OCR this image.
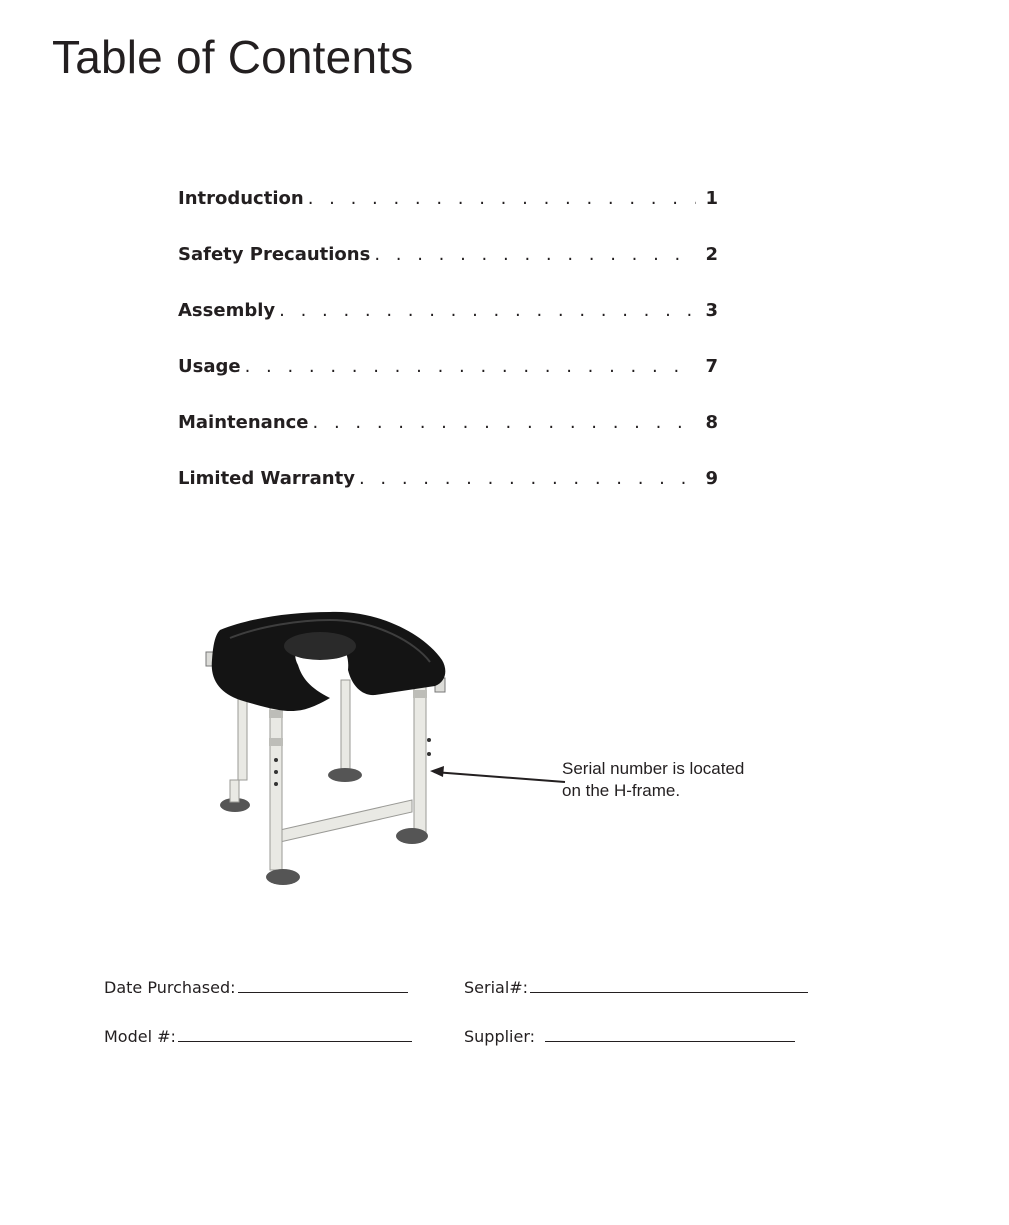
Table of Contents
Introduction . . .	1
Safety Precautions . . .	2
Assembly . . .	3
Usage . . .	7
Maintenance . . .	8
Limited Warranty . . .	9
Serial number is located
on the H-frame.
Date Purchased:	Serial#:
Model #:	Supplier:
